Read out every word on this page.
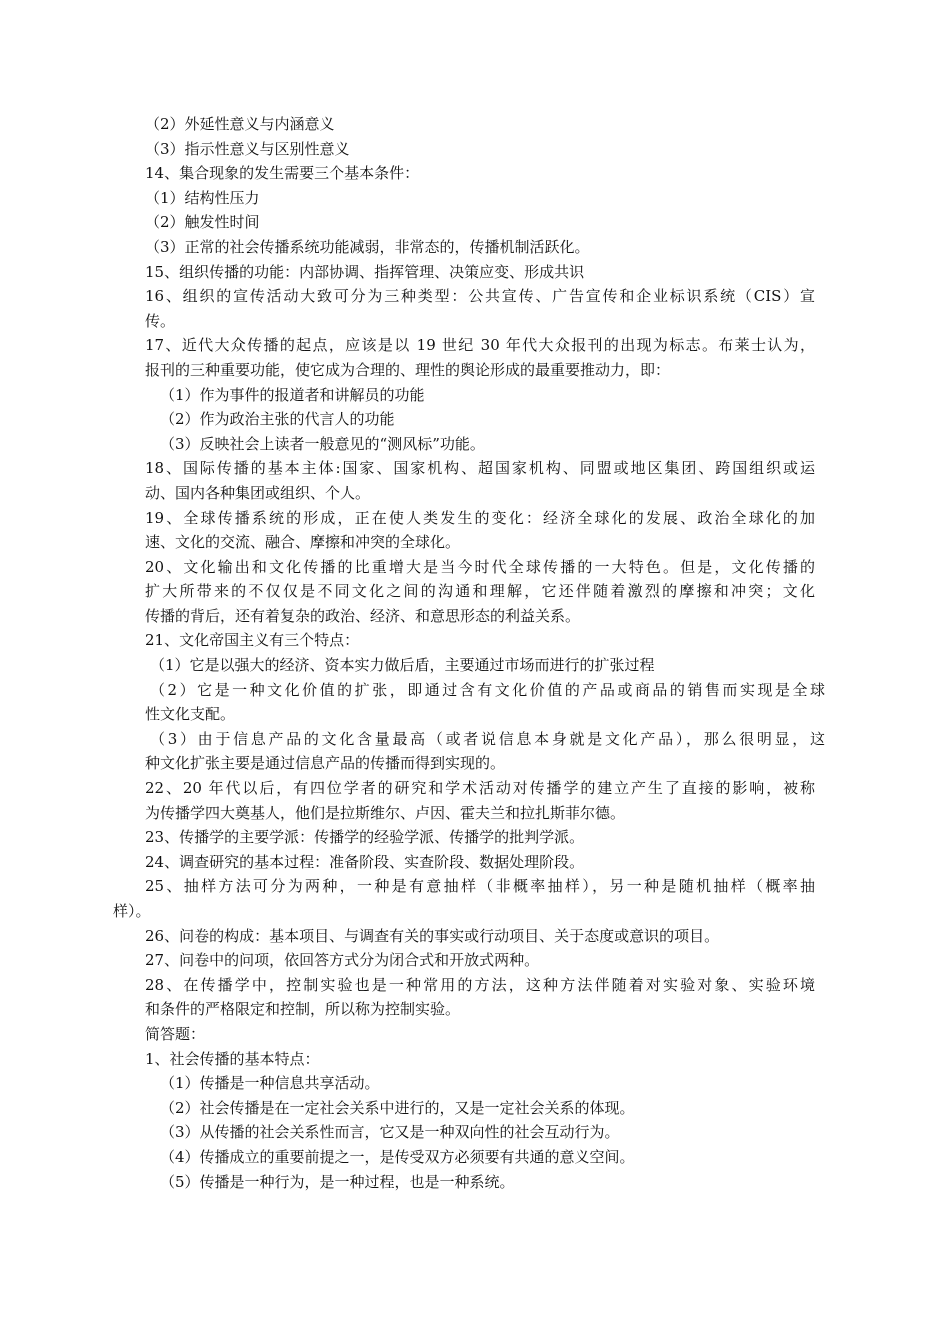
（2）外延性意义与内涵意义
（3）指示性意义与区别性意义
14、集合现象的发生需要三个基本条件：
（1）结构性压力
（2）触发性时间
（3）正常的社会传播系统功能减弱，非常态的，传播机制活跃化。
15、组织传播的功能：内部协调、指挥管理、决策应变、形成共识
16、组织的宣传活动大致可分为三种类型：公共宣传、广告宣传和企业标识系统（CIS）宣
传。
17、近代大众传播的起点，应该是以 19 世纪 30 年代大众报刊的出现为标志。布莱士认为，
报刊的三种重要功能，使它成为合理的、理性的舆论形成的最重要推动力，即：
（1）作为事件的报道者和讲解员的功能
（2）作为政治主张的代言人的功能
（3）反映社会上读者一般意见的“测风标”功能。
18、国际传播的基本主体:国家、国家机构、超国家机构、同盟或地区集团、跨国组织或运
动、国内各种集团或组织、个人。
19、全球传播系统的形成，正在使人类发生的变化：经济全球化的发展、政治全球化的加
速、文化的交流、融合、摩擦和冲突的全球化。
20、文化输出和文化传播的比重增大是当今时代全球传播的一大特色。但是，文化传播的
扩大所带来的不仅仅是不同文化之间的沟通和理解，它还伴随着激烈的摩擦和冲突；文化
传播的背后，还有着复杂的政治、经济、和意思形态的利益关系。
21、文化帝国主义有三个特点：
（1）它是以强大的经济、资本实力做后盾，主要通过市场而进行的扩张过程
（2）它是一种文化价值的扩张，即通过含有文化价值的产品或商品的销售而实现是全球
性文化支配。
（3）由于信息产品的文化含量最高（或者说信息本身就是文化产品），那么很明显，这
种文化扩张主要是通过信息产品的传播而得到实现的。
22、20 年代以后，有四位学者的研究和学术活动对传播学的建立产生了直接的影响，被称
为传播学四大奠基人，他们是拉斯维尔、卢因、霍夫兰和拉扎斯菲尔德。
23、传播学的主要学派：传播学的经验学派、传播学的批判学派。
24、调查研究的基本过程：准备阶段、实查阶段、数据处理阶段。
25、抽样方法可分为两种，一种是有意抽样（非概率抽样），另一种是随机抽样（概率抽
样）。
26、问卷的构成：基本项目、与调查有关的事实或行动项目、关于态度或意识的项目。
27、问卷中的问项，依回答方式分为闭合式和开放式两种。
28、在传播学中，控制实验也是一种常用的方法，这种方法伴随着对实验对象、实验环境
和条件的严格限定和控制，所以称为控制实验。
简答题：
1、社会传播的基本特点：
（1）传播是一种信息共享活动。
（2）社会传播是在一定社会关系中进行的，又是一定社会关系的体现。
（3）从传播的社会关系性而言，它又是一种双向性的社会互动行为。
（4）传播成立的重要前提之一，是传受双方必须要有共通的意义空间。
（5）传播是一种行为，是一种过程，也是一种系统。
